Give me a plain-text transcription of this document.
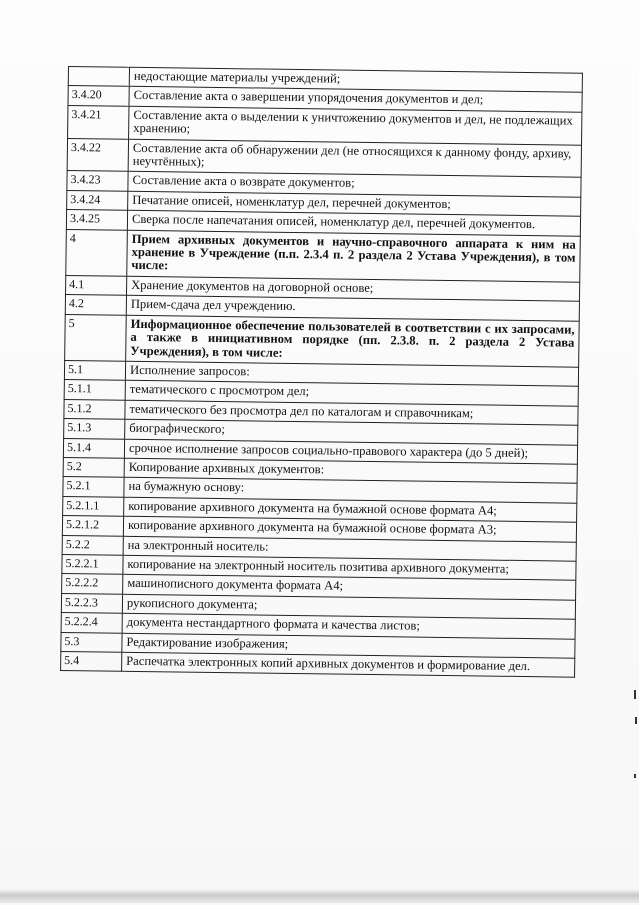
	недостающие материалы учреждений;
3.4.20	Составление акта о завершении упорядочения документов и дел;
3.4.21	Составление акта о выделении к уничтожению документов и дел, не подлежащих хранению;
3.4.22	Составление акта об обнаружении дел (не относящихся к данному фонду, архиву, неучтённых);
3.4.23	Составление акта о возврате документов;
3.4.24	Печатание описей, номенклатур дел, перечней документов;
3.4.25	Сверка после напечатания описей, номенклатур дел, перечней документов.
4	Прием архивных документов и научно-справочного аппарата к ним на хранение в Учреждение (п.п. 2.3.4 п. 2 раздела 2 Устава Учреждения), в том числе:
4.1	Хранение документов на договорной основе;
4.2	Прием-сдача дел учреждению.
5	Информационное обеспечение пользователей в соответствии с их запросами, а также в инициативном порядке (пп. 2.3.8. п. 2 раздела 2 Устава Учреждения), в том числе:
5.1	Исполнение запросов:
5.1.1	тематического с просмотром дел;
5.1.2	тематического без просмотра дел по каталогам и справочникам;
5.1.3	биографического;
5.1.4	срочное исполнение запросов социально-правового характера (до 5 дней);
5.2	Копирование архивных документов:
5.2.1	на бумажную основу:
5.2.1.1	копирование архивного документа на бумажной основе формата А4;
5.2.1.2	копирование архивного документа на бумажной основе формата А3;
5.2.2	на электронный носитель:
5.2.2.1	копирование на электронный носитель позитива архивного документа;
5.2.2.2	машинописного документа формата А4;
5.2.2.3	рукописного документа;
5.2.2.4	документа нестандартного формата и качества листов;
5.3	Редактирование изображения;
5.4	Распечатка электронных копий архивных документов и формирование дел.
